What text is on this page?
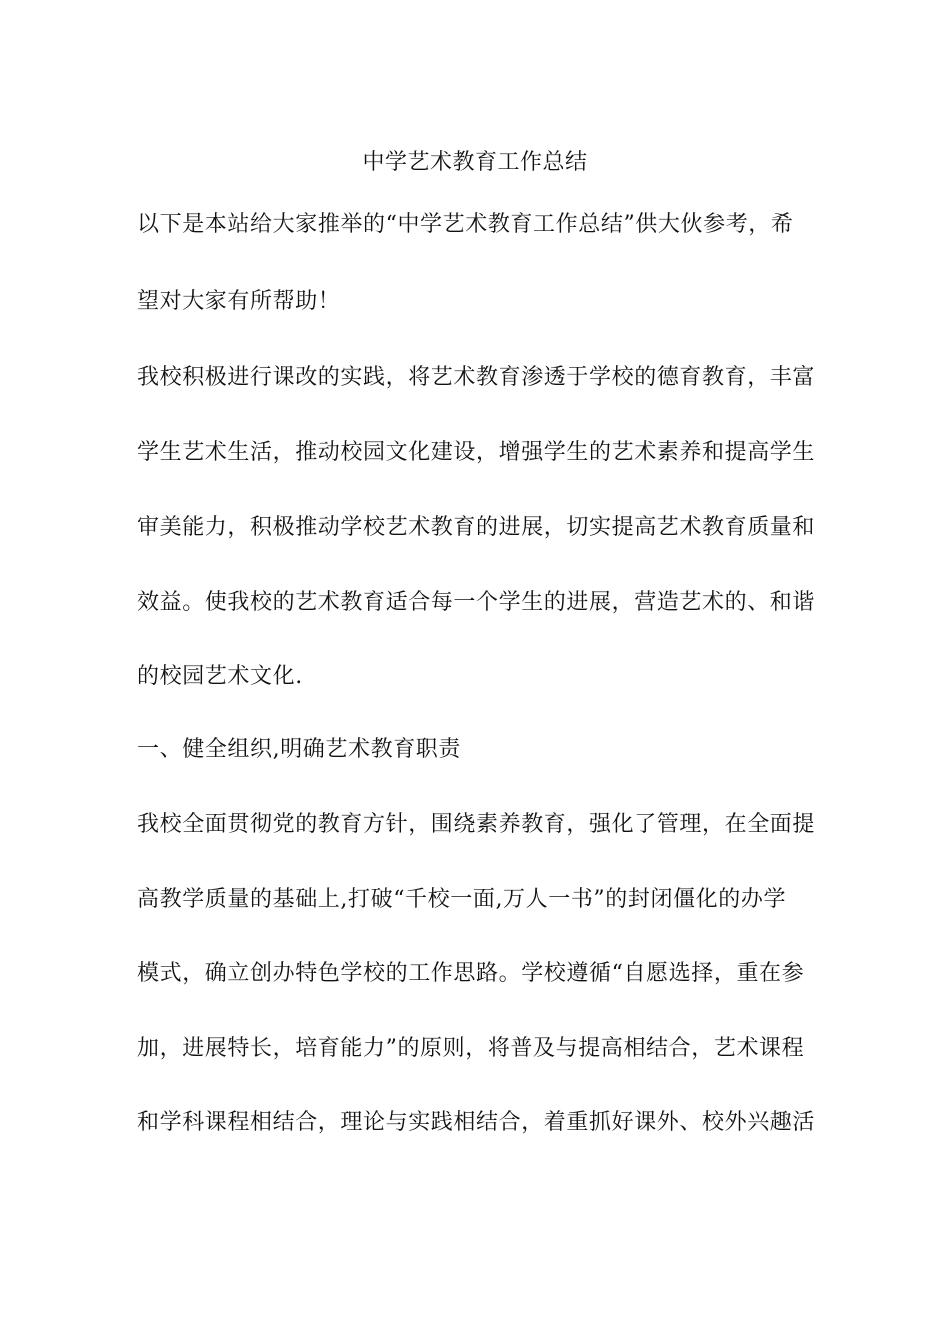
中学艺术教育工作总结
以下是本站给大家推举的“中学艺术教育工作总结”供大伙参考，希
望对大家有所帮助！
我校积极进行课改的实践，将艺术教育渗透于学校的德育教育，丰富
学生艺术生活，推动校园文化建设，增强学生的艺术素养和提高学生
审美能力，积极推动学校艺术教育的进展，切实提高艺术教育质量和
效益。使我校的艺术教育适合每一个学生的进展，营造艺术的、和谐
的校园艺术文化.
一、健全组织,明确艺术教育职责
我校全面贯彻党的教育方针，围绕素养教育，强化了管理，在全面提
高教学质量的基础上,打破“千校一面,万人一书”的封闭僵化的办学
模式，确立创办特色学校的工作思路。学校遵循“自愿选择，重在参
加，进展特长，培育能力”的原则，将普及与提高相结合，艺术课程
和学科课程相结合，理论与实践相结合，着重抓好课外、校外兴趣活
